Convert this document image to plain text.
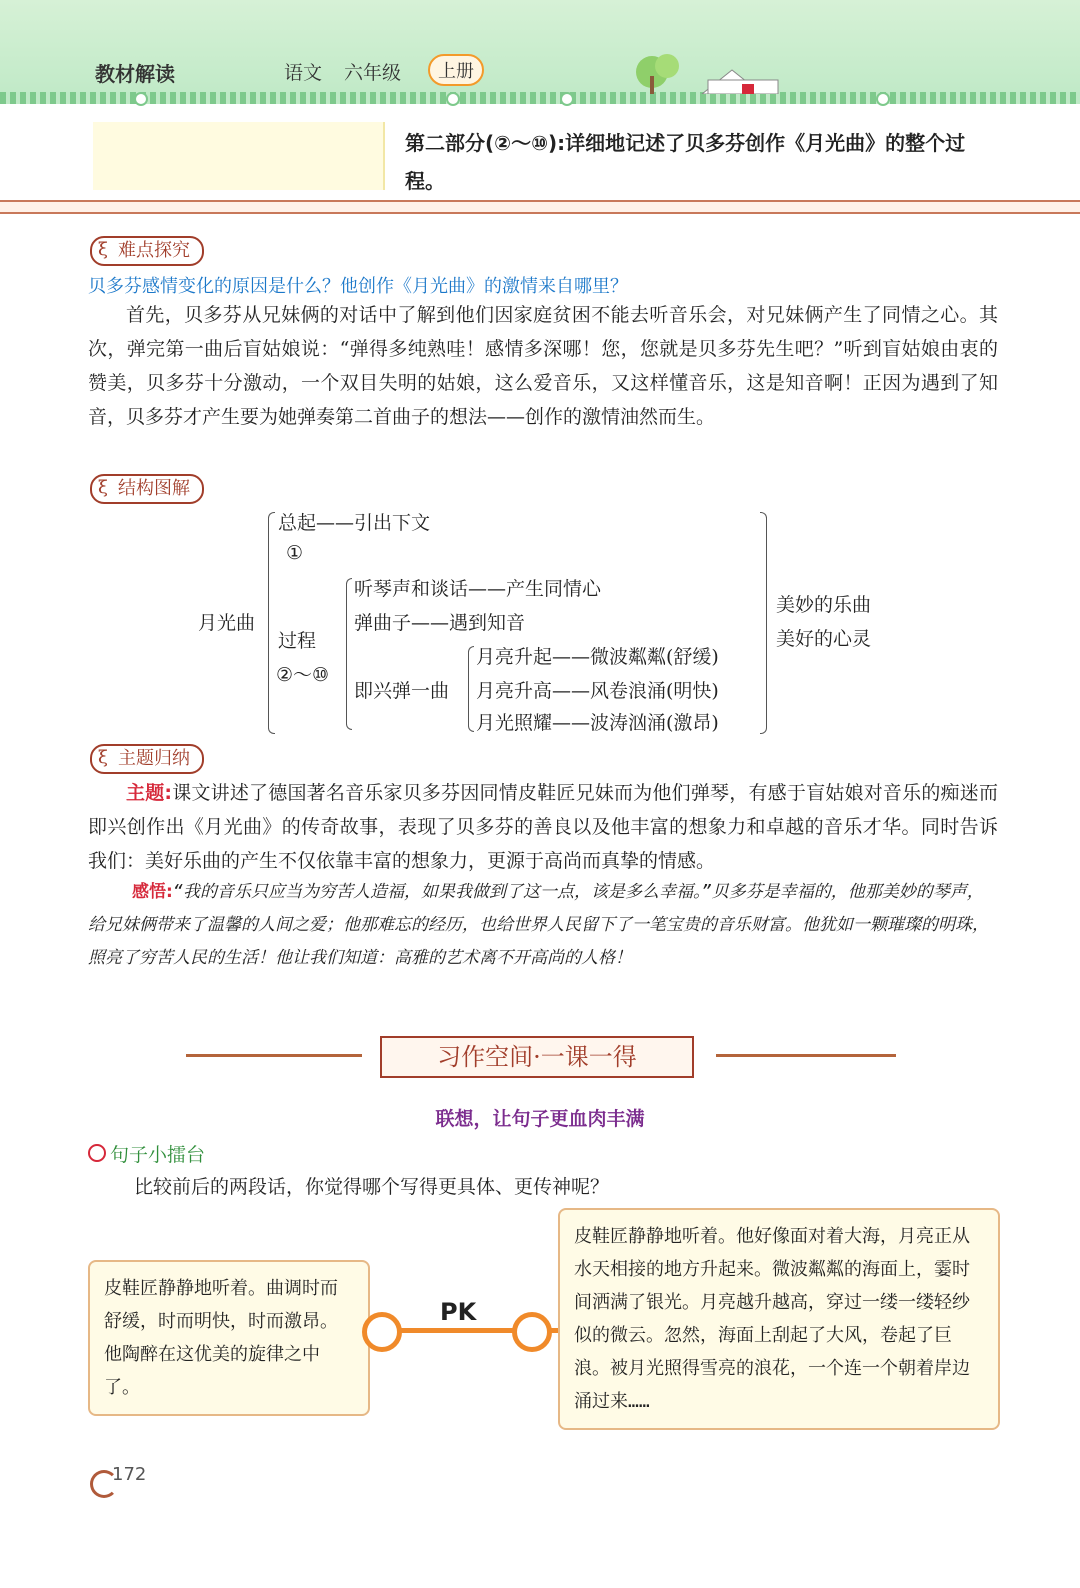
教材解读	语文 六年级	上册
第二部分(②～⑩):详细地记述了贝多芬创作《月光曲》的整个过程。
ξ 难点探究
贝多芬感情变化的原因是什么？他创作《月光曲》的激情来自哪里？
首先，贝多芬从兄妹俩的对话中了解到他们因家庭贫困不能去听音乐会，对兄妹俩产生了同情之心。其次，弹完第一曲后盲姑娘说：“弹得多纯熟哇！感情多深哪！您，您就是贝多芬先生吧？”听到盲姑娘由衷的赞美，贝多芬十分激动，一个双目失明的姑娘，这么爱音乐，又这样懂音乐，这是知音啊！正因为遇到了知音，贝多芬才产生要为她弹奏第二首曲子的想法——创作的激情油然而生。
ξ 结构图解
月光曲
总起——引出下文
①
过程
②～⑩
听琴声和谈话——产生同情心
弹曲子——遇到知音
即兴弹一曲
月亮升起——微波粼粼(舒缓)
月亮升高——风卷浪涌(明快)
月光照耀——波涛汹涌(激昂)
美妙的乐曲
美好的心灵
ξ 主题归纳
主题:课文讲述了德国著名音乐家贝多芬因同情皮鞋匠兄妹而为他们弹琴，有感于盲姑娘对音乐的痴迷而即兴创作出《月光曲》的传奇故事，表现了贝多芬的善良以及他丰富的想象力和卓越的音乐才华。同时告诉我们：美好乐曲的产生不仅依靠丰富的想象力，更源于高尚而真挚的情感。
感悟:“我的音乐只应当为穷苦人造福，如果我做到了这一点，该是多么幸福。”贝多芬是幸福的，他那美妙的琴声，给兄妹俩带来了温馨的人间之爱；他那难忘的经历，也给世界人民留下了一笔宝贵的音乐财富。他犹如一颗璀璨的明珠，照亮了穷苦人民的生活！他让我们知道：高雅的艺术离不开高尚的人格！
习作空间·一课一得
联想，让句子更血肉丰满
句子小擂台
比较前后的两段话，你觉得哪个写得更具体、更传神呢？
皮鞋匠静静地听着。曲调时而舒缓，时而明快，时而激昂。他陶醉在这优美的旋律之中了。
PK
皮鞋匠静静地听着。他好像面对着大海，月亮正从水天相接的地方升起来。微波粼粼的海面上，霎时间洒满了银光。月亮越升越高，穿过一缕一缕轻纱似的微云。忽然，海面上刮起了大风，卷起了巨浪。被月光照得雪亮的浪花，一个连一个朝着岸边涌过来……
172
